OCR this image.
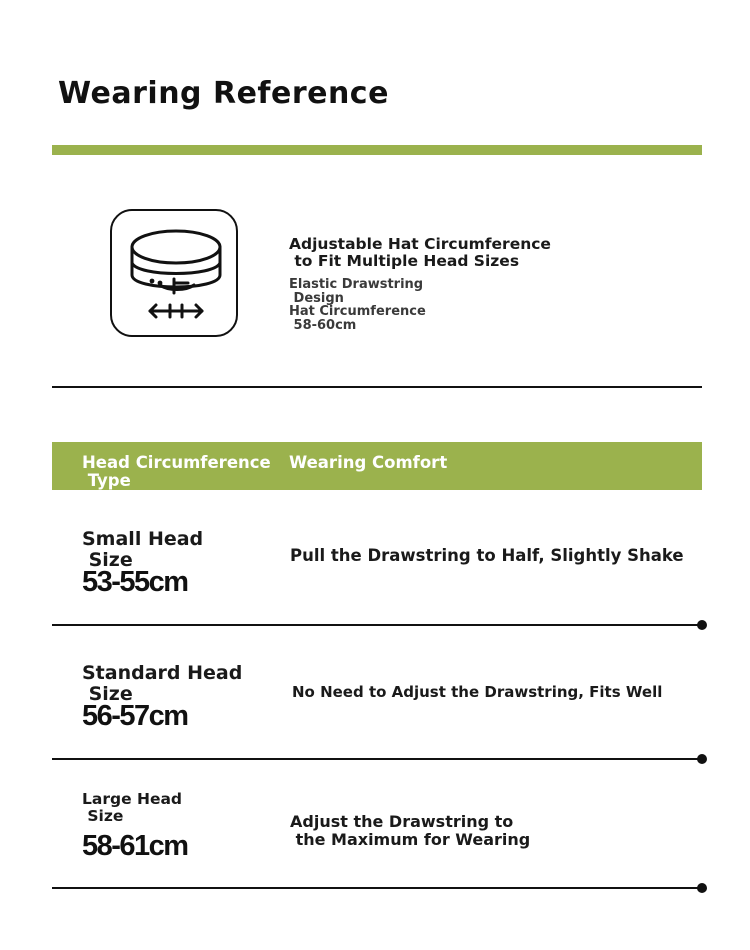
Wearing Reference
Adjustable Hat Circumference
to Fit Multiple Head Sizes
Elastic Drawstring
Design
Hat Circumference
58-60cm
Head Circumference
Type
Wearing Comfort
Small Head
Size
53-55cm
Pull the Drawstring to Half, Slightly Shake
Standard Head
Size
56-57cm
No Need to Adjust the Drawstring, Fits Well
Large Head
Size
58-61cm
Adjust the Drawstring to
the Maximum for Wearing
